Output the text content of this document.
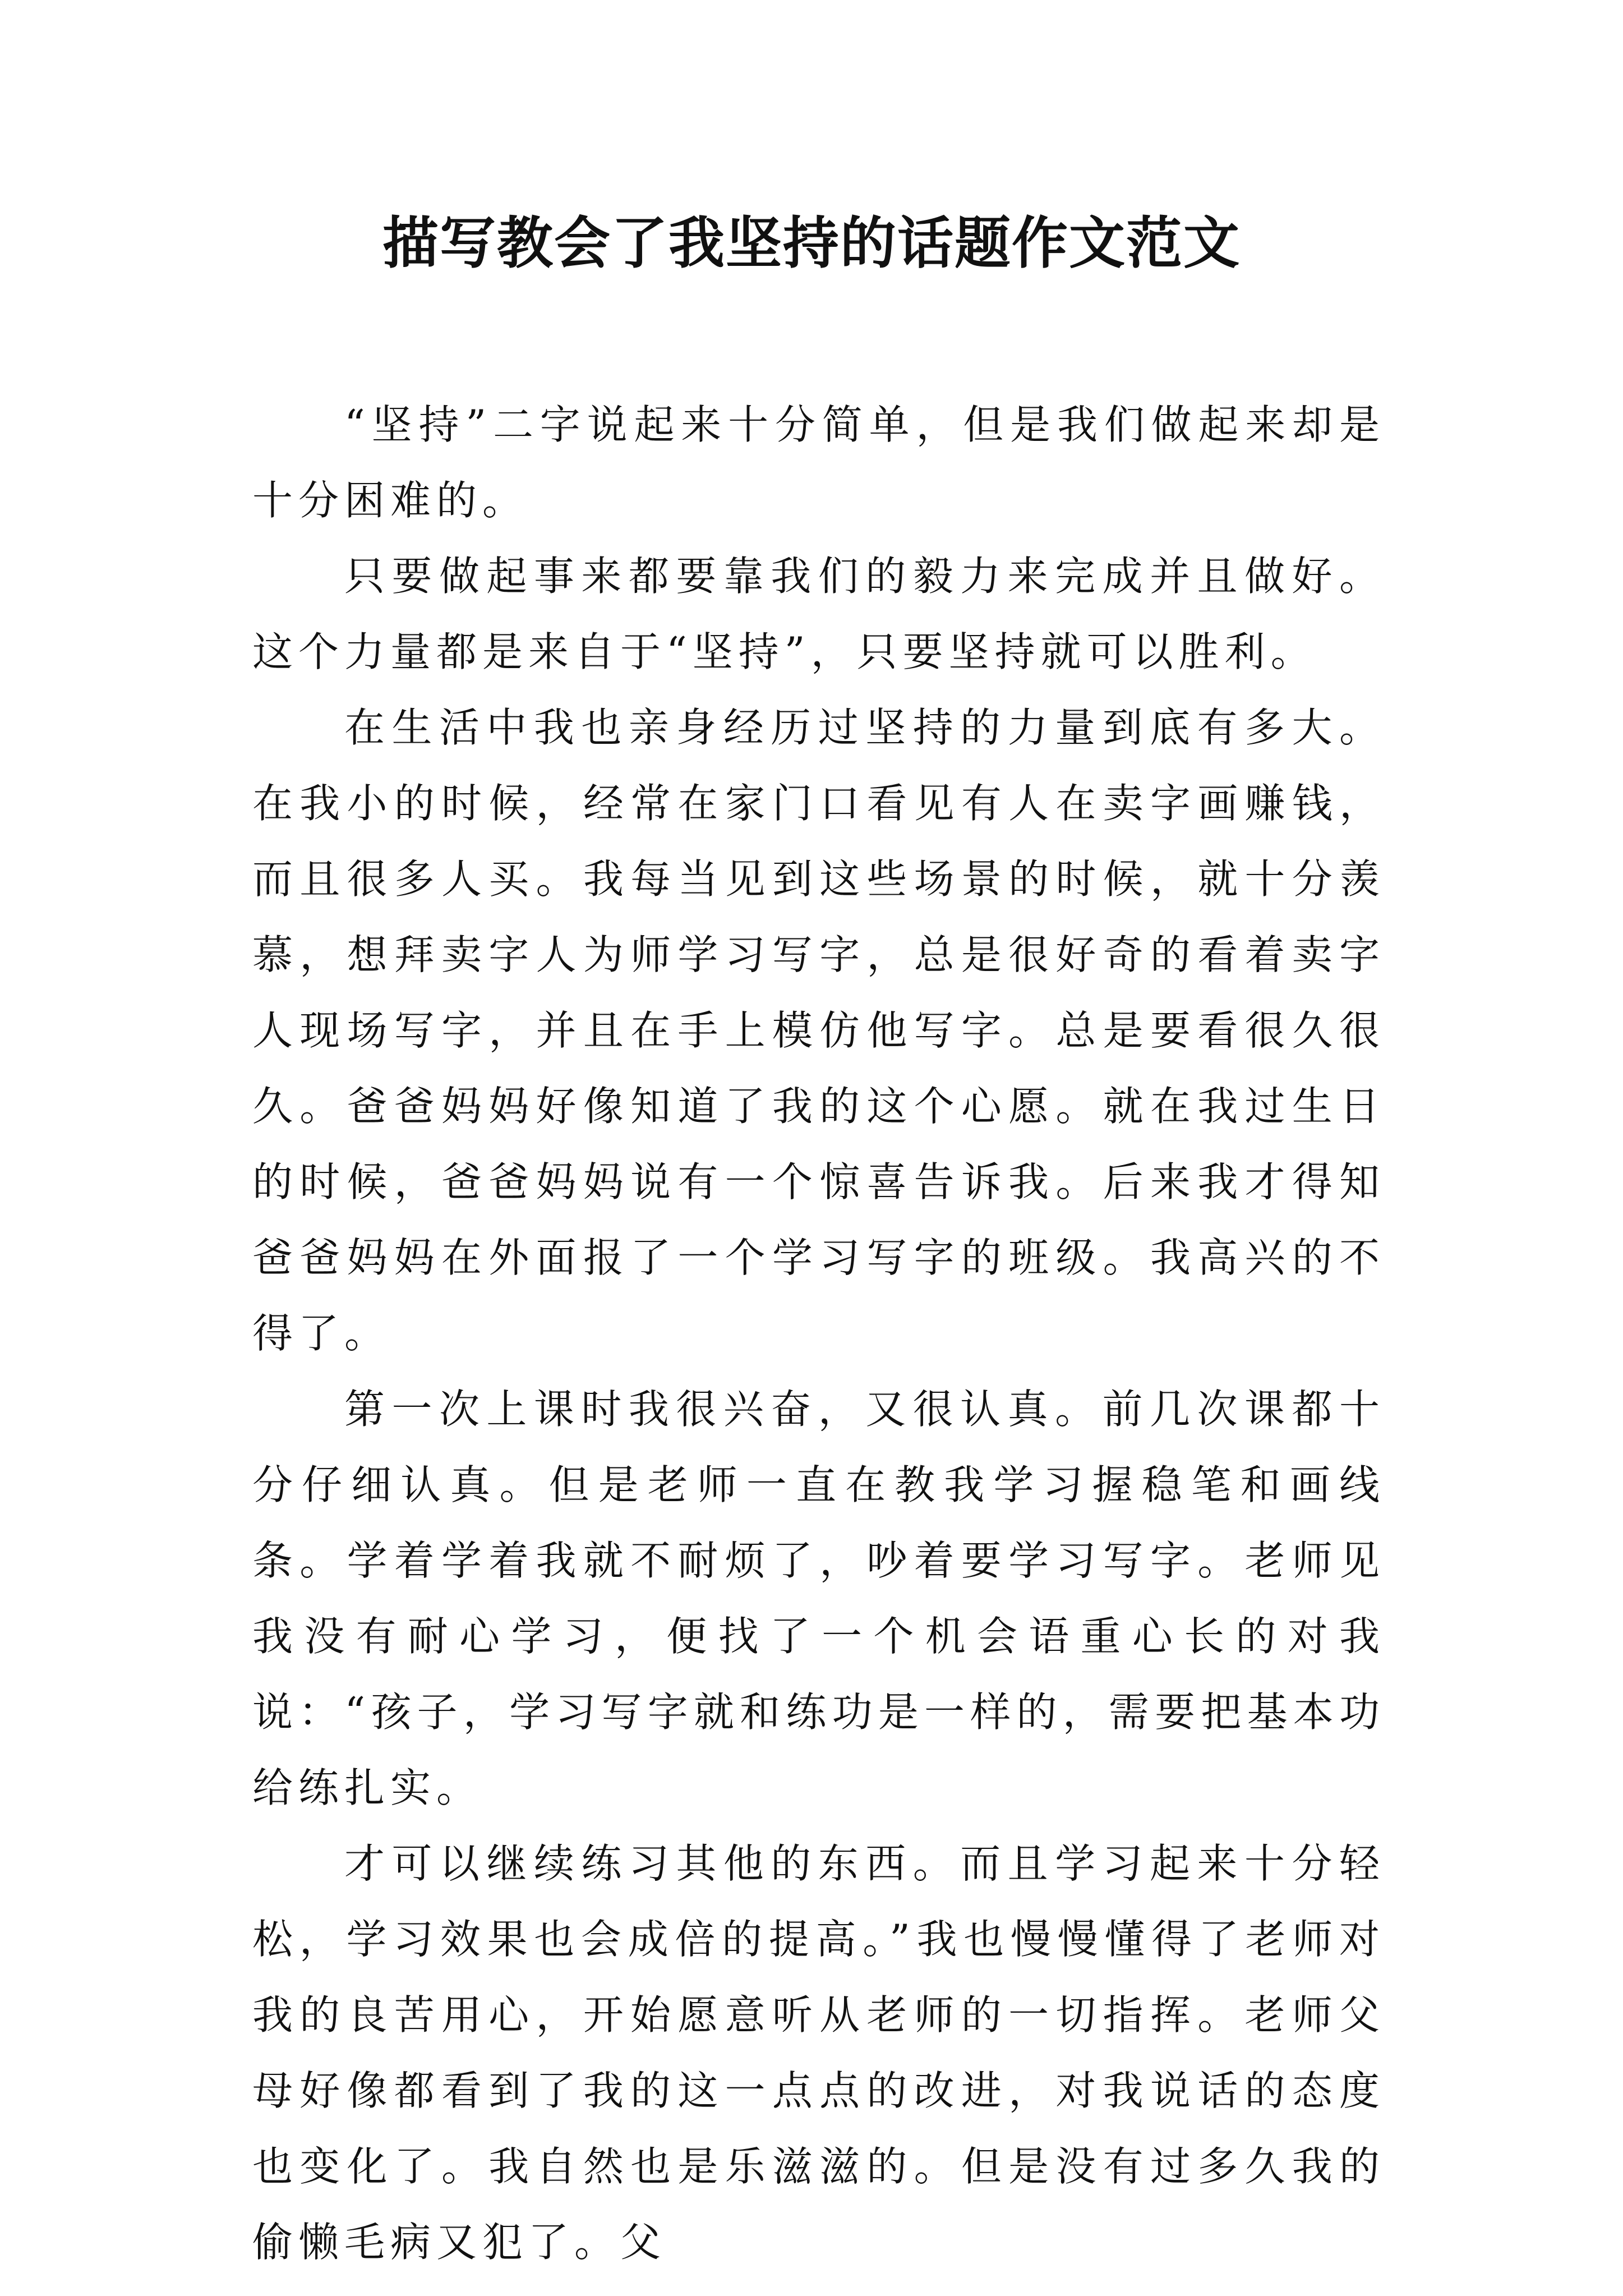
描写教会了我坚持的话题作文范文

“坚持”二字说起来十分简单，但是我们做起来却是十分困难的。

只要做起事来都要靠我们的毅力来完成并且做好。这个力量都是来自于“坚持”，只要坚持就可以胜利。

在生活中我也亲身经历过坚持的力量到底有多大。在我小的时候，经常在家门口看见有人在卖字画赚钱，而且很多人买。我每当见到这些场景的时候，就十分羡慕，想拜卖字人为师学习写字，总是很好奇的看着卖字人现场写字，并且在手上模仿他写字。总是要看很久很久。爸爸妈妈好像知道了我的这个心愿。就在我过生日的时候，爸爸妈妈说有一个惊喜告诉我。后来我才得知爸爸妈妈在外面报了一个学习写字的班级。我高兴的不得了。

第一次上课时我很兴奋，又很认真。前几次课都十分仔细认真。但是老师一直在教我学习握稳笔和画线条。学着学着我就不耐烦了，吵着要学习写字。老师见我没有耐心学习，便找了一个机会语重心长的对我说：“孩子，学习写字就和练功是一样的，需要把基本功给练扎实。

才可以继续练习其他的东西。而且学习起来十分轻松，学习效果也会成倍的提高。”我也慢慢懂得了老师对我的良苦用心，开始愿意听从老师的一切指挥。老师父母好像都看到了我的这一点点的改进，对我说话的态度也变化了。我自然也是乐滋滋的。但是没有过多久我的偷懒毛病又犯了。父
